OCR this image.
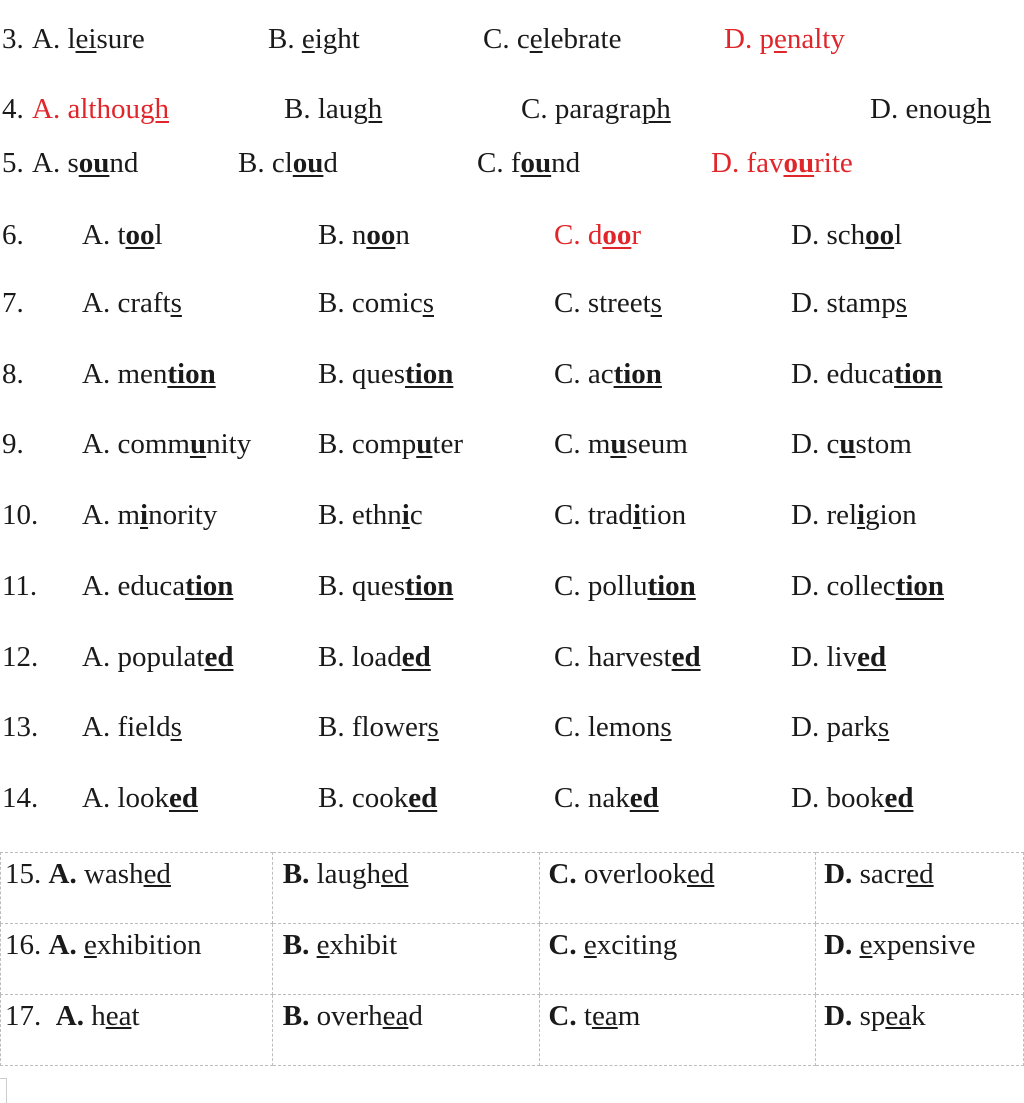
3. A. leisure	B. eight	C. celebrate	D. penalty
4. A. although	B. laugh	C. paragraph	D. enough
5. A. sound	B. cloud	C. found	D. favourite
6. A. tool	B. noon	C. door	D. school
7. A. crafts	B. comics	C. streets	D. stamps
8. A. mention	B. question	C. action	D. education
9. A. community B. computer	C. museum	D. custom
10. A. minority	B. ethnic	C. tradition	D. religion
11. A. education	B. question	C. pollution	D. collection
12. A. populated	B. loaded	C. harvested	D. lived
13. A. fields	B. flowers	C. lemons	D. parks
14. A. looked	B. cooked	C. naked	D. booked
15. A. washed	B. laughed	C. overlooked	D. sacred

16. A. exhibition	B. exhibit	C. exciting	D. expensive

17. A. heat	B. overhead	C. team	D. speak
